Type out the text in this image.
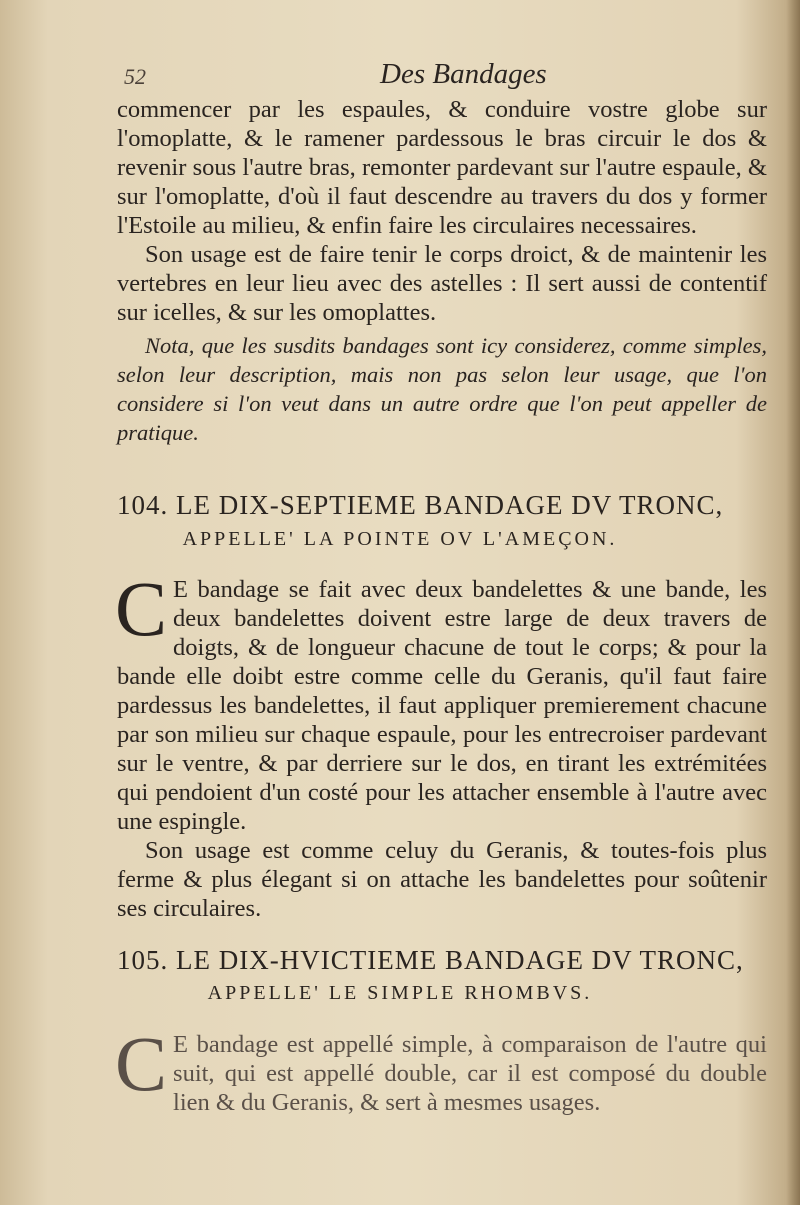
52	Des Bandages

commencer par les espaules, & conduire vostre globe sur l'omoplatte, & le ramener pardessous le bras circuir le dos & revenir sous l'autre bras, remonter pardevant sur l'autre espaule, & sur l'omoplatte, d'où il faut descendre au travers du dos y former l'Estoile au milieu, & enfin faire les circulaires necessaires.

Son usage est de faire tenir le corps droict, & de maintenir les vertebres en leur lieu avec des astelles : Il sert aussi de contentif sur icelles, & sur les omoplattes.

Nota, que les susdits bandages sont icy considerez, comme simples, selon leur description, mais non pas selon leur usage, que l'on considere si l'on veut dans un autre ordre que l'on peut appeller de pratique.

104. LE DIX-SEPTIEME BANDAGE DV TRONC,
APPELLE' LA POINTE OV L'AMEÇON.

C E bandage se fait avec deux bandelettes & une bande, les deux bandelettes doivent estre large de deux travers de doigts, & de longueur chacune de tout le corps; & pour la bande elle doibt estre comme celle du Geranis, qu'il faut faire pardessus les bandelettes, il faut appliquer premierement chacune par son milieu sur chaque espaule, pour les entrecroiser pardevant sur le ventre, & par derriere sur le dos, en tirant les extrémitées qui pendoient d'un costé pour les attacher ensemble à l'autre avec une espingle.

Son usage est comme celuy du Geranis, & toutes-fois plus ferme & plus élegant si on attache les bandelettes pour soûtenir ses circulaires.

105. LE DIX-HVICTIEME BANDAGE DV TRONC,
APPELLE' LE SIMPLE RHOMBVS.

C E bandage est appellé simple, à comparaison de l'autre qui suit, qui est appellé double, car il est composé du double lien & du Geranis, & sert à mesmes usages.
